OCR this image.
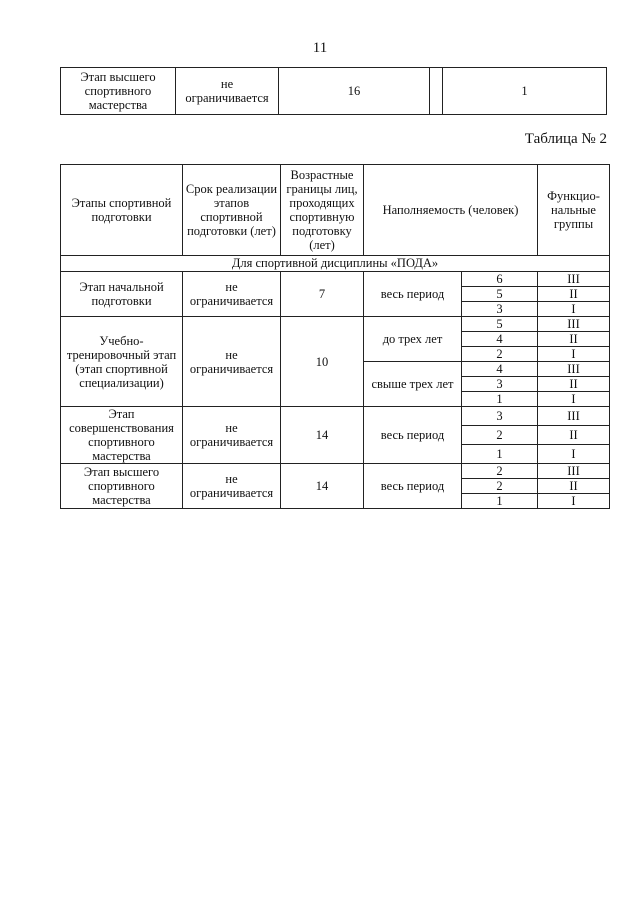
11
Этап высшего спортивного мастерства	не ограничивается	16		1
Таблица № 2
Этапы спортивной подготовки	Срок реализации этапов спортивной подготовки (лет)	Возрастные границы лиц, проходящих спортивную подготовку (лет)	Наполняемость (человек)		Функцио-нальные группы
Для спортивной дисциплины «ПОДА»					
Этап начальной подготовки	не ограничивается	7	весь период	6	III
				5	II
				3	I
Учебно-тренировочный этап (этап спортивной специализации)	не ограничивается	10	до трех лет	5	III
				4	II
				2	I
			свыше трех лет	4	III
				3	II
				1	I
Этап совершенствования спортивного мастерства	не ограничивается	14	весь период	3	III
				2	II
				1	I
Этап высшего спортивного мастерства	не ограничивается	14	весь период	2	III
				2	II
				1	I
